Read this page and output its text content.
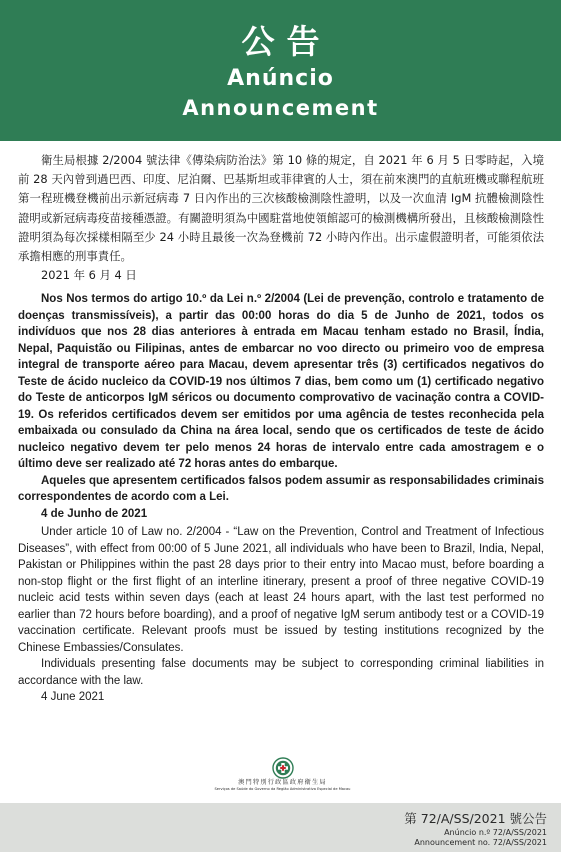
公告
Anúncio
Announcement

衛生局根據 2/2004 號法律《傳染病防治法》第 10 條的規定，自 2021 年 6 月 5 日零時起，入境前 28 天內曾到過巴西、印度、尼泊爾、巴基斯坦或菲律賓的人士，須在前來澳門的直航班機或聯程航班第一程班機登機前出示新冠病毒 7 日內作出的三次核酸檢測陰性證明，以及一次血清 IgM 抗體檢測陰性證明或新冠病毒疫苗接種憑證。有關證明須為中國駐當地使領館認可的檢測機構所發出，且核酸檢測陰性證明須為每次採樣相隔至少 24 小時且最後一次為登機前 72 小時內作出。出示虛假證明者，可能須依法承擔相應的刑事責任。

2021 年 6 月 4 日

Nos Nos termos do artigo 10.º da Lei n.º 2/2004 (Lei de prevenção, controlo e tratamento de doenças transmissíveis), a partir das 00:00 horas do dia 5 de Junho de 2021, todos os indivíduos que nos 28 dias anteriores à entrada em Macau tenham estado no Brasil, Índia, Nepal, Paquistão ou Filipinas, antes de embarcar no voo directo ou primeiro voo de empresa integral de transporte aéreo para Macau, devem apresentar três (3) certificados negativos do Teste de ácido nucleico da COVID-19 nos últimos 7 dias, bem como um (1) certificado negativo do Teste de anticorpos IgM séricos ou documento comprovativo de vacinação contra a COVID-19. Os referidos certificados devem ser emitidos por uma agência de testes reconhecida pela embaixada ou consulado da China na área local, sendo que os certificados de teste de ácido nucleico negativo devem ter pelo menos 24 horas de intervalo entre cada amostragem e o último deve ser realizado até 72 horas antes do embarque.

Aqueles que apresentem certificados falsos podem assumir as responsabilidades criminais correspondentes de acordo com a Lei.

4 de Junho de 2021

Under article 10 of Law no. 2/2004 - “Law on the Prevention, Control and Treatment of Infectious Diseases”, with effect from 00:00 of 5 June 2021, all individuals who have been to Brazil, India, Nepal, Pakistan or Philippines within the past 28 days prior to their entry into Macao must, before boarding a non-stop flight or the first flight of an interline itinerary, present a proof of three negative COVID-19 nucleic acid tests within seven days (each at least 24 hours apart, with the last test performed no earlier than 72 hours before boarding), and a proof of negative IgM serum antibody test or a COVID-19 vaccination certificate. Relevant proofs must be issued by testing institutions recognized by the Chinese Embassies/Consulates.

Individuals presenting false documents may be subject to corresponding criminal liabilities in accordance with the law.

4 June 2021

澳門特別行政區政府衛生局
Serviços de Saúde do Governo da Região Administrativa Especial de Macau
第 72/A/SS/2021 號公告
Anúncio n.º 72/A/SS/2021
Announcement no. 72/A/SS/2021
